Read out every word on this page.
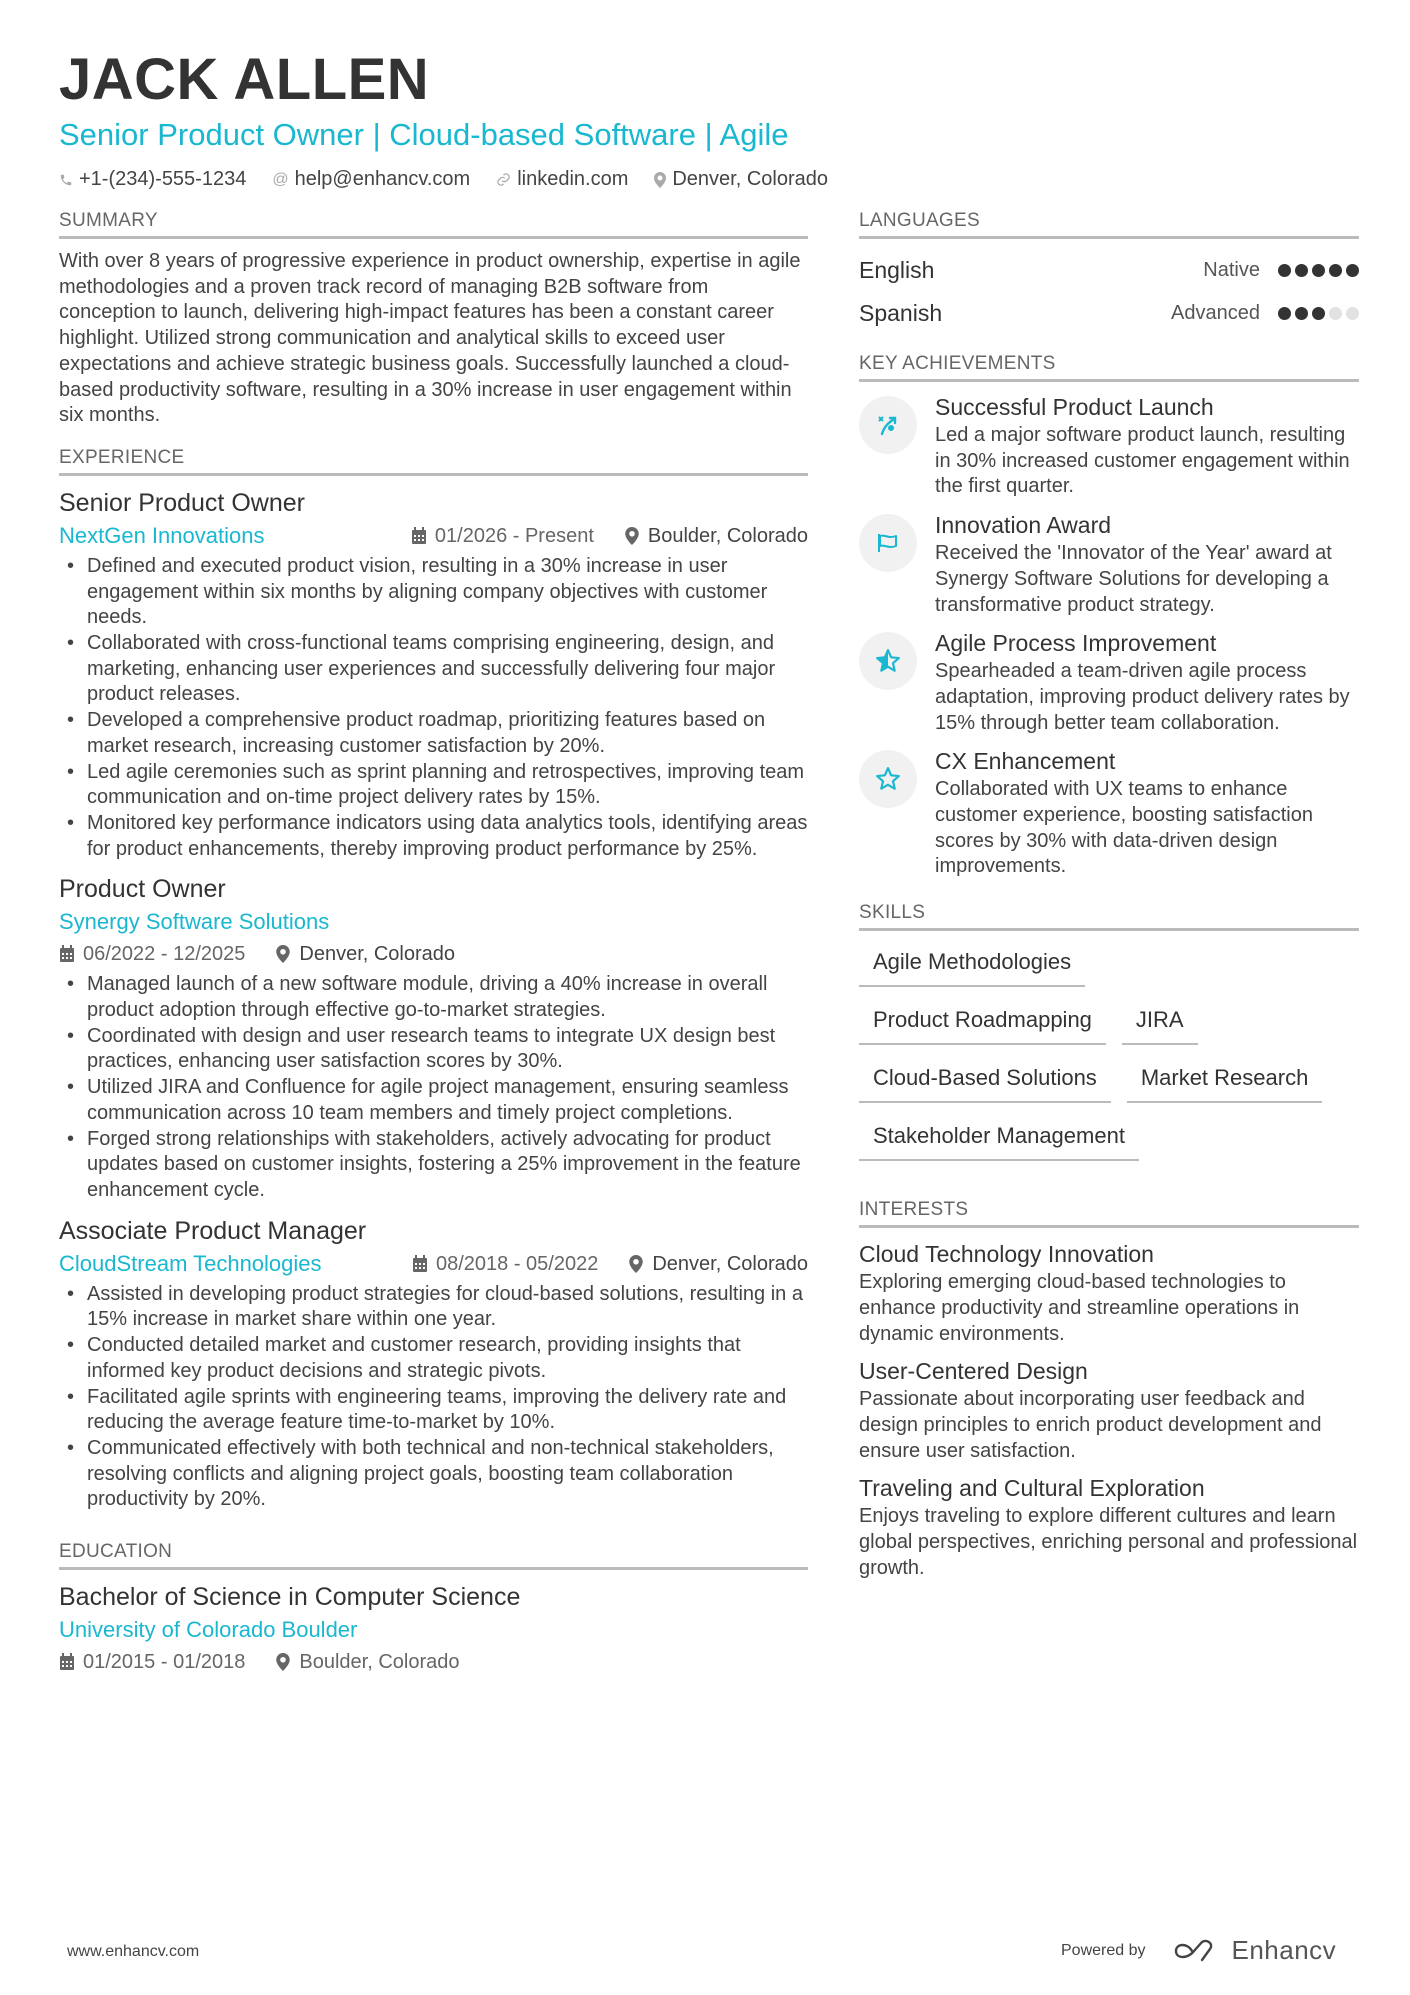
JACK ALLEN
Senior Product Owner | Cloud-based Software | Agile
+1-(234)-555-1234 @ help@enhancv.com linkedin.com Denver, Colorado
SUMMARY
With over 8 years of progressive experience in product ownership, expertise in agile methodologies and a proven track record of managing B2B software from conception to launch, delivering high-impact features has been a constant career highlight. Utilized strong communication and analytical skills to exceed user expectations and achieve strategic business goals. Successfully launched a cloud-based productivity software, resulting in a 30% increase in user engagement within six months.
EXPERIENCE
Senior Product Owner
NextGen Innovations	01/2026 - Present	Boulder, Colorado
• Defined and executed product vision, resulting in a 30% increase in user engagement within six months by aligning company objectives with customer needs.
• Collaborated with cross-functional teams comprising engineering, design, and marketing, enhancing user experiences and successfully delivering four major product releases.
• Developed a comprehensive product roadmap, prioritizing features based on market research, increasing customer satisfaction by 20%.
• Led agile ceremonies such as sprint planning and retrospectives, improving team communication and on-time project delivery rates by 15%.
• Monitored key performance indicators using data analytics tools, identifying areas for product enhancements, thereby improving product performance by 25%.
Product Owner
Synergy Software Solutions
06/2022 - 12/2025	Denver, Colorado
• Managed launch of a new software module, driving a 40% increase in overall product adoption through effective go-to-market strategies.
• Coordinated with design and user research teams to integrate UX design best practices, enhancing user satisfaction scores by 30%.
• Utilized JIRA and Confluence for agile project management, ensuring seamless communication across 10 team members and timely project completions.
• Forged strong relationships with stakeholders, actively advocating for product updates based on customer insights, fostering a 25% improvement in the feature enhancement cycle.
Associate Product Manager
CloudStream Technologies	08/2018 - 05/2022	Denver, Colorado
• Assisted in developing product strategies for cloud-based solutions, resulting in a 15% increase in market share within one year.
• Conducted detailed market and customer research, providing insights that informed key product decisions and strategic pivots.
• Facilitated agile sprints with engineering teams, improving the delivery rate and reducing the average feature time-to-market by 10%.
• Communicated effectively with both technical and non-technical stakeholders, resolving conflicts and aligning project goals, boosting team collaboration productivity by 20%.
EDUCATION
Bachelor of Science in Computer Science
University of Colorado Boulder
01/2015 - 01/2018	Boulder, Colorado
LANGUAGES
English	Native
Spanish	Advanced
KEY ACHIEVEMENTS
Successful Product Launch
Led a major software product launch, resulting in 30% increased customer engagement within the first quarter.
Innovation Award
Received the 'Innovator of the Year' award at Synergy Software Solutions for developing a transformative product strategy.
Agile Process Improvement
Spearheaded a team-driven agile process adaptation, improving product delivery rates by 15% through better team collaboration.
CX Enhancement
Collaborated with UX teams to enhance customer experience, boosting satisfaction scores by 30% with data-driven design improvements.
SKILLS
Agile Methodologies
Product Roadmapping	JIRA
Cloud-Based Solutions	Market Research
Stakeholder Management
INTERESTS
Cloud Technology Innovation
Exploring emerging cloud-based technologies to enhance productivity and streamline operations in dynamic environments.
User-Centered Design
Passionate about incorporating user feedback and design principles to enrich product development and ensure user satisfaction.
Traveling and Cultural Exploration
Enjoys traveling to explore different cultures and learn global perspectives, enriching personal and professional growth.
www.enhancv.com	Powered by	Enhancv
